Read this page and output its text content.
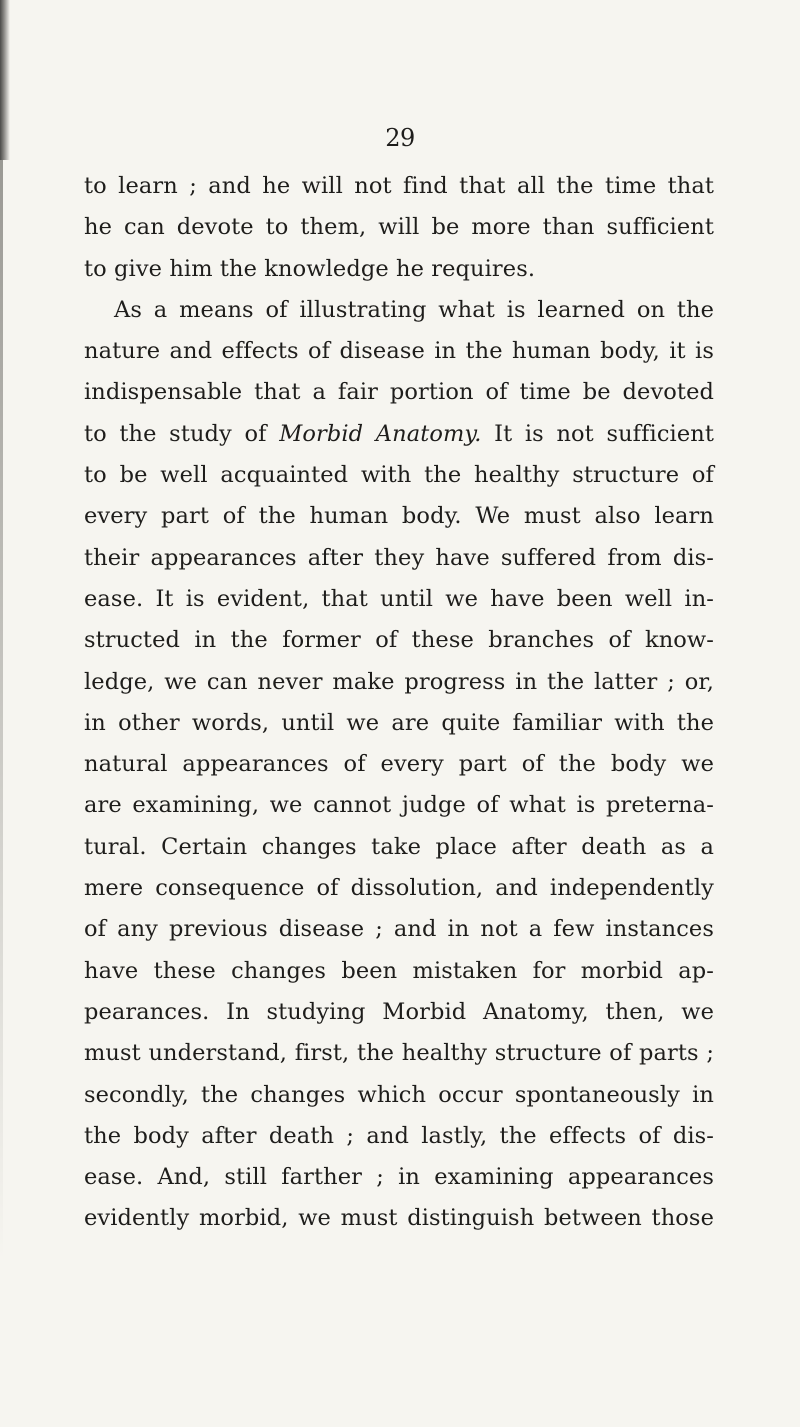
29

to learn ; and he will not find that all the time that
he can devote to them, will be more than sufficient
to give him the knowledge he requires.
As a means of illustrating what is learned on the
nature and effects of disease in the human body, it is
indispensable that a fair portion of time be devoted
to the study of Morbid Anatomy. It is not sufficient
to be well acquainted with the healthy structure of
every part of the human body. We must also learn
their appearances after they have suffered from dis-
ease. It is evident, that until we have been well in-
structed in the former of these branches of know-
ledge, we can never make progress in the latter ; or,
in other words, until we are quite familiar with the
natural appearances of every part of the body we
are examining, we cannot judge of what is preterna-
tural. Certain changes take place after death as a
mere consequence of dissolution, and independently
of any previous disease ; and in not a few instances
have these changes been mistaken for morbid ap-
pearances. In studying Morbid Anatomy, then, we
must understand, first, the healthy structure of parts ;
secondly, the changes which occur spontaneously in
the body after death ; and lastly, the effects of dis-
ease. And, still farther ; in examining appearances
evidently morbid, we must distinguish between those
